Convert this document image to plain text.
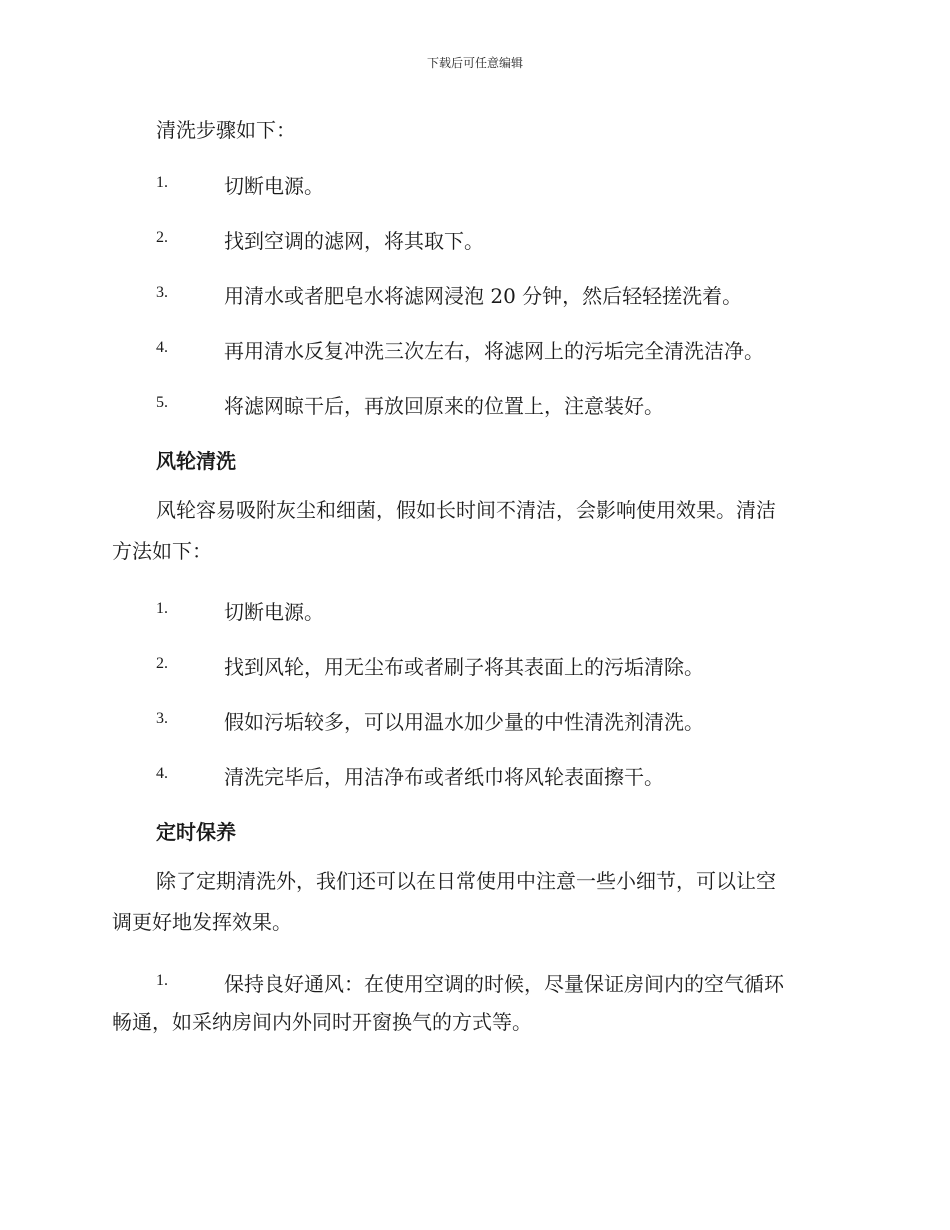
下载后可任意编辑
清洗步骤如下：
1.	切断电源。
2.	找到空调的滤网，将其取下。
3.	用清水或者肥皂水将滤网浸泡 20 分钟，然后轻轻搓洗着。
4.	再用清水反复冲洗三次左右，将滤网上的污垢完全清洗洁净。
5.	将滤网晾干后，再放回原来的位置上，注意装好。
风轮清洗
风轮容易吸附灰尘和细菌，假如长时间不清洁，会影响使用效果。清洁
方法如下：
1.	切断电源。
2.	找到风轮，用无尘布或者刷子将其表面上的污垢清除。
3.	假如污垢较多，可以用温水加少量的中性清洗剂清洗。
4.	清洗完毕后，用洁净布或者纸巾将风轮表面擦干。
定时保养
除了定期清洗外，我们还可以在日常使用中注意一些小细节，可以让空
调更好地发挥效果。
1.	保持良好通风：在使用空调的时候，尽量保证房间内的空气循环
畅通，如采纳房间内外同时开窗换气的方式等。
